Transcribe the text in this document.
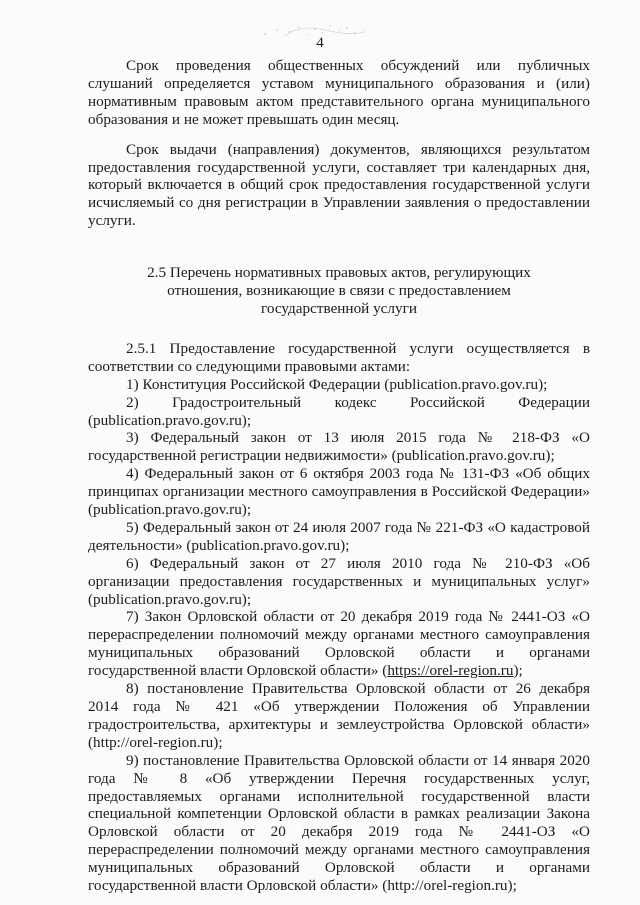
4

Срок проведения общественных обсуждений или публичных слушаний определяется уставом муниципального образования и (или) нормативным правовым актом представительного органа муниципального образования и не может превышать один месяц.

Срок выдачи (направления) документов, являющихся результатом предоставления государственной услуги, составляет три календарных дня, который включается в общий срок предоставления государственной услуги исчисляемый со дня регистрации в Управлении заявления о предоставлении услуги.

2.5 Перечень нормативных правовых актов, регулирующих
отношения, возникающие в связи с предоставлением
государственной услуги

2.5.1 Предоставление государственной услуги осуществляется в соответствии со следующими правовыми актами:

1) Конституция Российской Федерации (publication.pravo.gov.ru);

2) Градостроительный кодекс Российской Федерации (publication.pravo.gov.ru);

3) Федеральный закон от 13 июля 2015 года № 218-ФЗ «О государственной регистрации недвижимости» (publication.pravo.gov.ru);

4) Федеральный закон от 6 октября 2003 года № 131-ФЗ «Об общих принципах организации местного самоуправления в Российской Федерации» (publication.pravo.gov.ru);

5) Федеральный закон от 24 июля 2007 года № 221-ФЗ «О кадастровой деятельности» (publication.pravo.gov.ru);

6) Федеральный закон от 27 июля 2010 года № 210-ФЗ «Об организации предоставления государственных и муниципальных услуг» (publication.pravo.gov.ru);

7) Закон Орловской области от 20 декабря 2019 года № 2441-ОЗ «О перераспределении полномочий между органами местного самоуправления муниципальных образований Орловской области и органами государственной власти Орловской области» (https://orel-region.ru);

8) постановление Правительства Орловской области от 26 декабря 2014 года № 421 «Об утверждении Положения об Управлении градостроительства, архитектуры и землеустройства Орловской области» (http://orel-region.ru);

9) постановление Правительства Орловской области от 14 января 2020 года № 8 «Об утверждении Перечня государственных услуг, предоставляемых органами исполнительной государственной власти специальной компетенции Орловской области в рамках реализации Закона Орловской области от 20 декабря 2019 года № 2441-ОЗ «О перераспределении полномочий между органами местного самоуправления муниципальных образований Орловской области и органами государственной власти Орловской области» (http://orel-region.ru);
